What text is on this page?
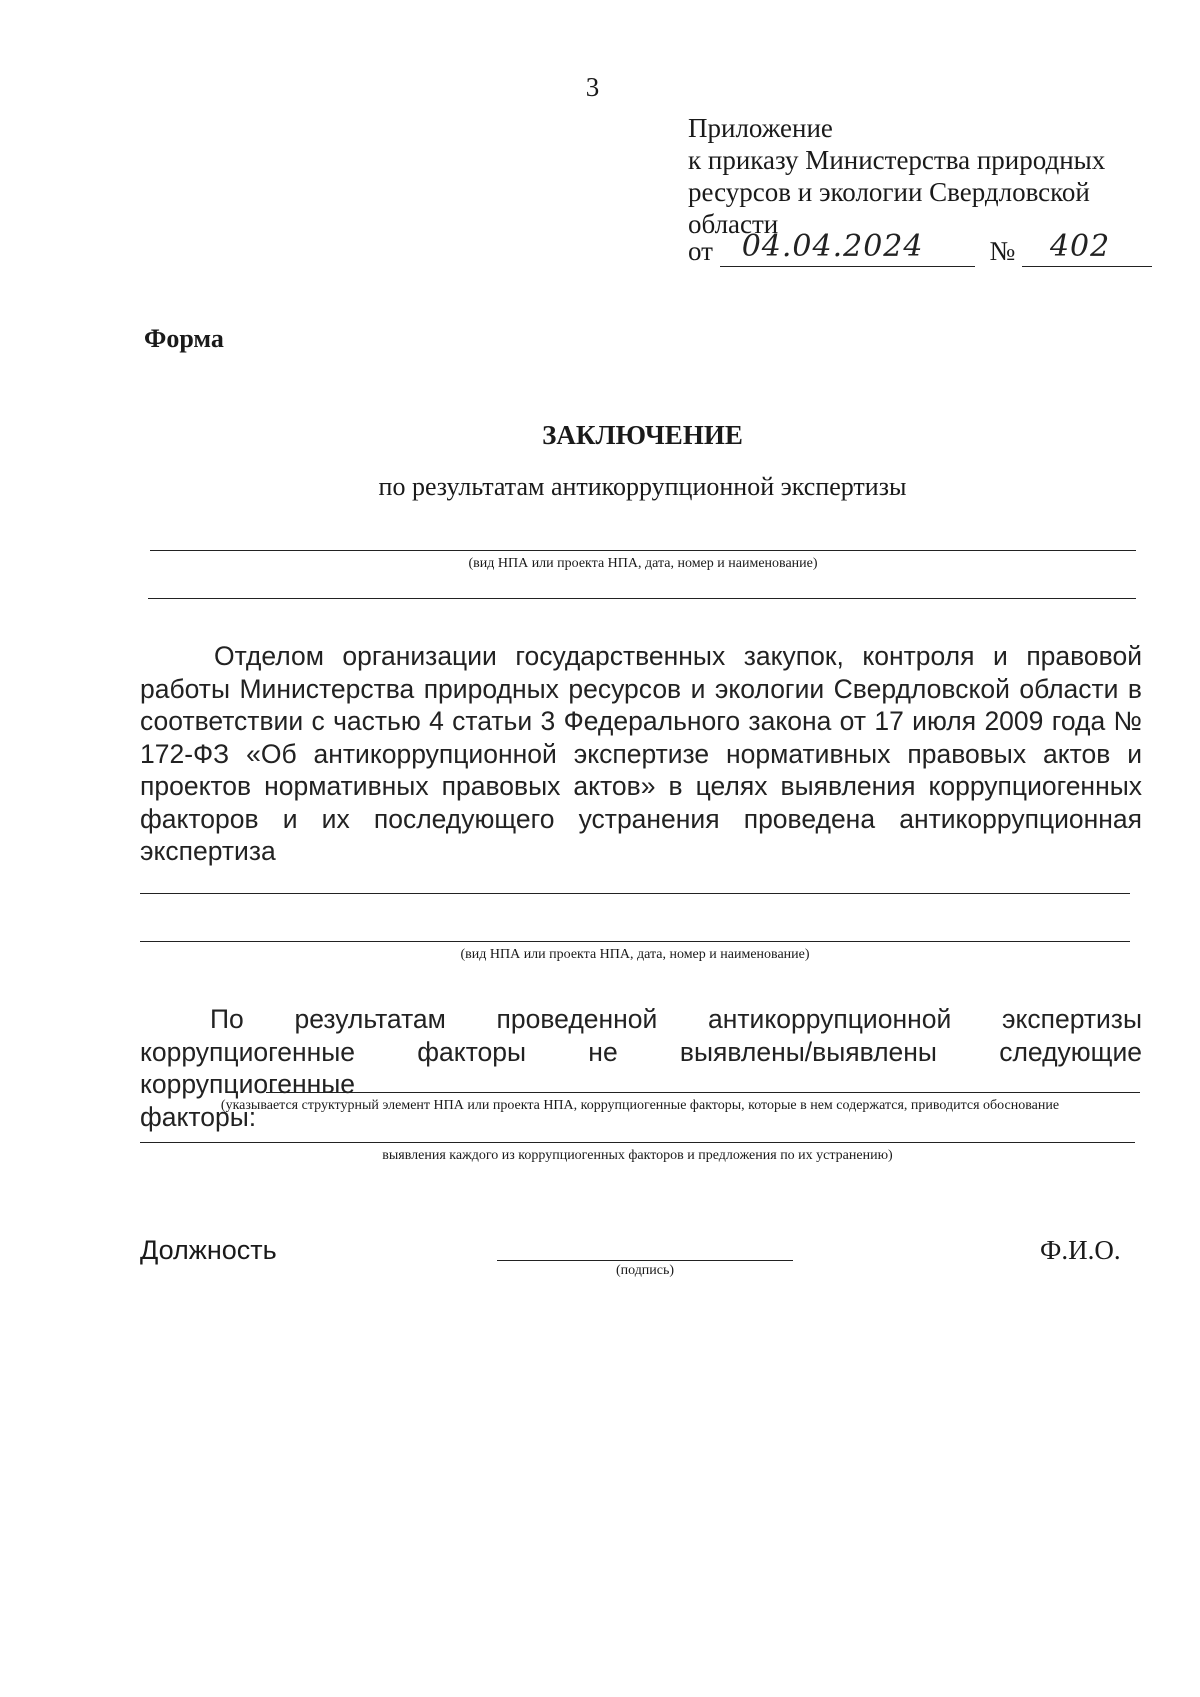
3
Приложение
к приказу Министерства природных
ресурсов и экологии Свердловской
области
от 04.04.2024 № 402
Форма
ЗАКЛЮЧЕНИЕ
по результатам антикоррупционной экспертизы
(вид НПА или проекта НПА, дата, номер и наименование)

Отделом организации государственных закупок, контроля и правовой работы Министерства природных ресурсов и экологии Свердловской области в соответствии с частью 4 статьи 3 Федерального закона от 17 июля 2009 года № 172-ФЗ «Об антикоррупционной экспертизе нормативных правовых актов и проектов нормативных правовых актов» в целях выявления коррупциогенных факторов и их последующего устранения проведена антикоррупционная экспертиза

(вид НПА или проекта НПА, дата, номер и наименование)
По результатам проведенной антикоррупционной экспертизы
коррупциогенные факторы не выявлены/выявлены следующие коррупциогенные
факторы:
(указывается структурный элемент НПА или проекта НПА, коррупциогенные факторы, которые в нем содержатся, приводится обоснование
выявления каждого из коррупциогенных факторов и предложения по их устранению)
Должность
(подпись)
Ф.И.О.
